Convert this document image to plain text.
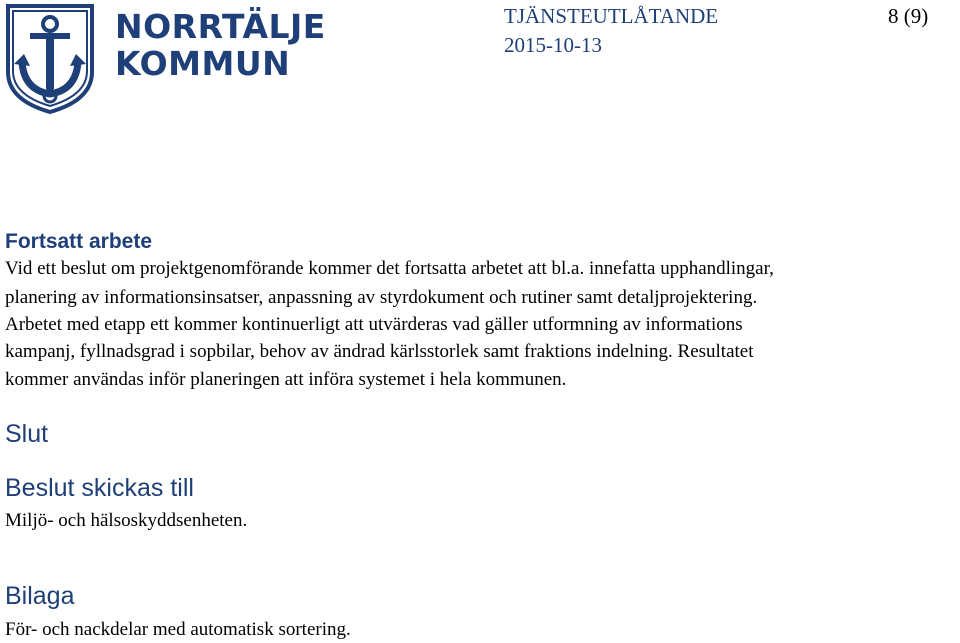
NORRTÄLJE
KOMMUN
TJÄNSTEUTLÅTANDE	8 (9)
2015-10-13
Fortsatt arbete
Vid ett beslut om projektgenomförande kommer det fortsatta arbetet att bl.a. innefatta upphandlingar,
planering av informationsinsatser, anpassning av styrdokument och rutiner samt detaljprojektering.
Arbetet med etapp ett kommer kontinuerligt att utvärderas vad gäller utformning av informations
kampanj, fyllnadsgrad i sopbilar, behov av ändrad kärlsstorlek samt fraktions indelning. Resultatet
kommer användas inför planeringen att införa systemet i hela kommunen.
Slut
Beslut skickas till
Miljö- och hälsoskyddsenheten.
Bilaga
För- och nackdelar med automatisk sortering.
